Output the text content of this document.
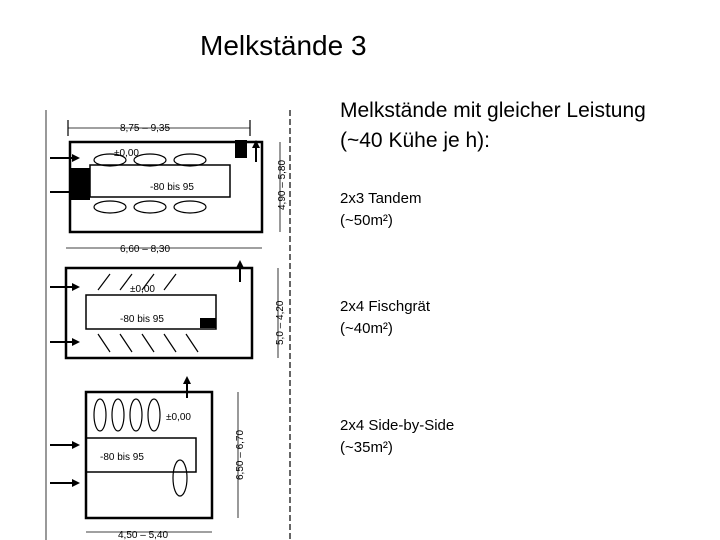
Melkstände 3
Melkstände mit gleicher Leistung
(~40 Kühe je h):
2x3 Tandem
(~50m²)
2x4 Fischgrät
(~40m²)
2x4 Side-by-Side
(~35m²)
8,75 – 9,35
±0,00
-80 bis 95	4,90 – 5,80
6,60 – 8,30
±0,00
-80 bis 95	5,0 – 4,20
±0,00
-80 bis 95	6,50 – 6,70
4,50 – 5,40
